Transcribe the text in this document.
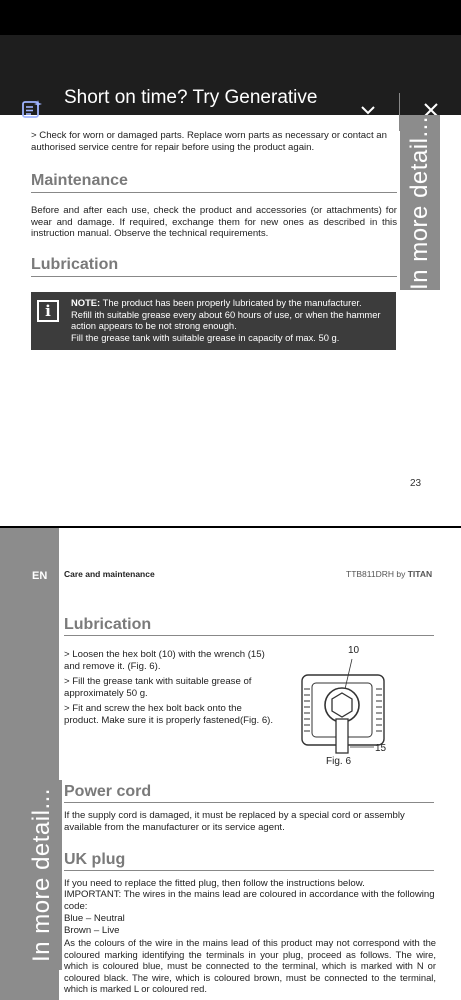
Short on time? Try Generative summary	In more detail...
> Check for worn or damaged parts. Replace worn parts as necessary or contact an authorised service centre for repair before using the product again.
Maintenance
Before and after each use, check the product and accessories (or attachments) for wear and damage. If required, exchange them for new ones as described in this instruction manual. Observe the technical requirements.
Lubrication
i	NOTE: The product has been properly lubricated by the manufacturer.
Refill ith suitable grease every about 60 hours of use, or when the hammer action appears to be not strong enough.
Fill the grease tank with suitable grease in capacity of max. 50 g.
23
EN
In more detail...
Care and maintenance	TTB811DRH by TITAN
Lubrication
> Loosen the hex bolt (10) with the wrench (15) and remove it. (Fig. 6).
> Fill the grease tank with suitable grease of approximately 50 g.
> Fit and screw the hex bolt back onto the product. Make sure it is properly fastened(Fig. 6).
10
15
Fig. 6
Power cord
If the supply cord is damaged, it must be replaced by a special cord or assembly available from the manufacturer or its service agent.
UK plug
If you need to replace the fitted plug, then follow the instructions below.
IMPORTANT: The wires in the mains lead are coloured in accordance with the following code:
Blue – Neutral
Brown – Live
As the colours of the wire in the mains lead of this product may not correspond with the coloured marking identifying the terminals in your plug, proceed as follows. The wire, which is coloured blue, must be connected to the terminal, which is marked with N or coloured black. The wire, which is coloured brown, must be connected to the terminal, which is marked L or coloured red.
